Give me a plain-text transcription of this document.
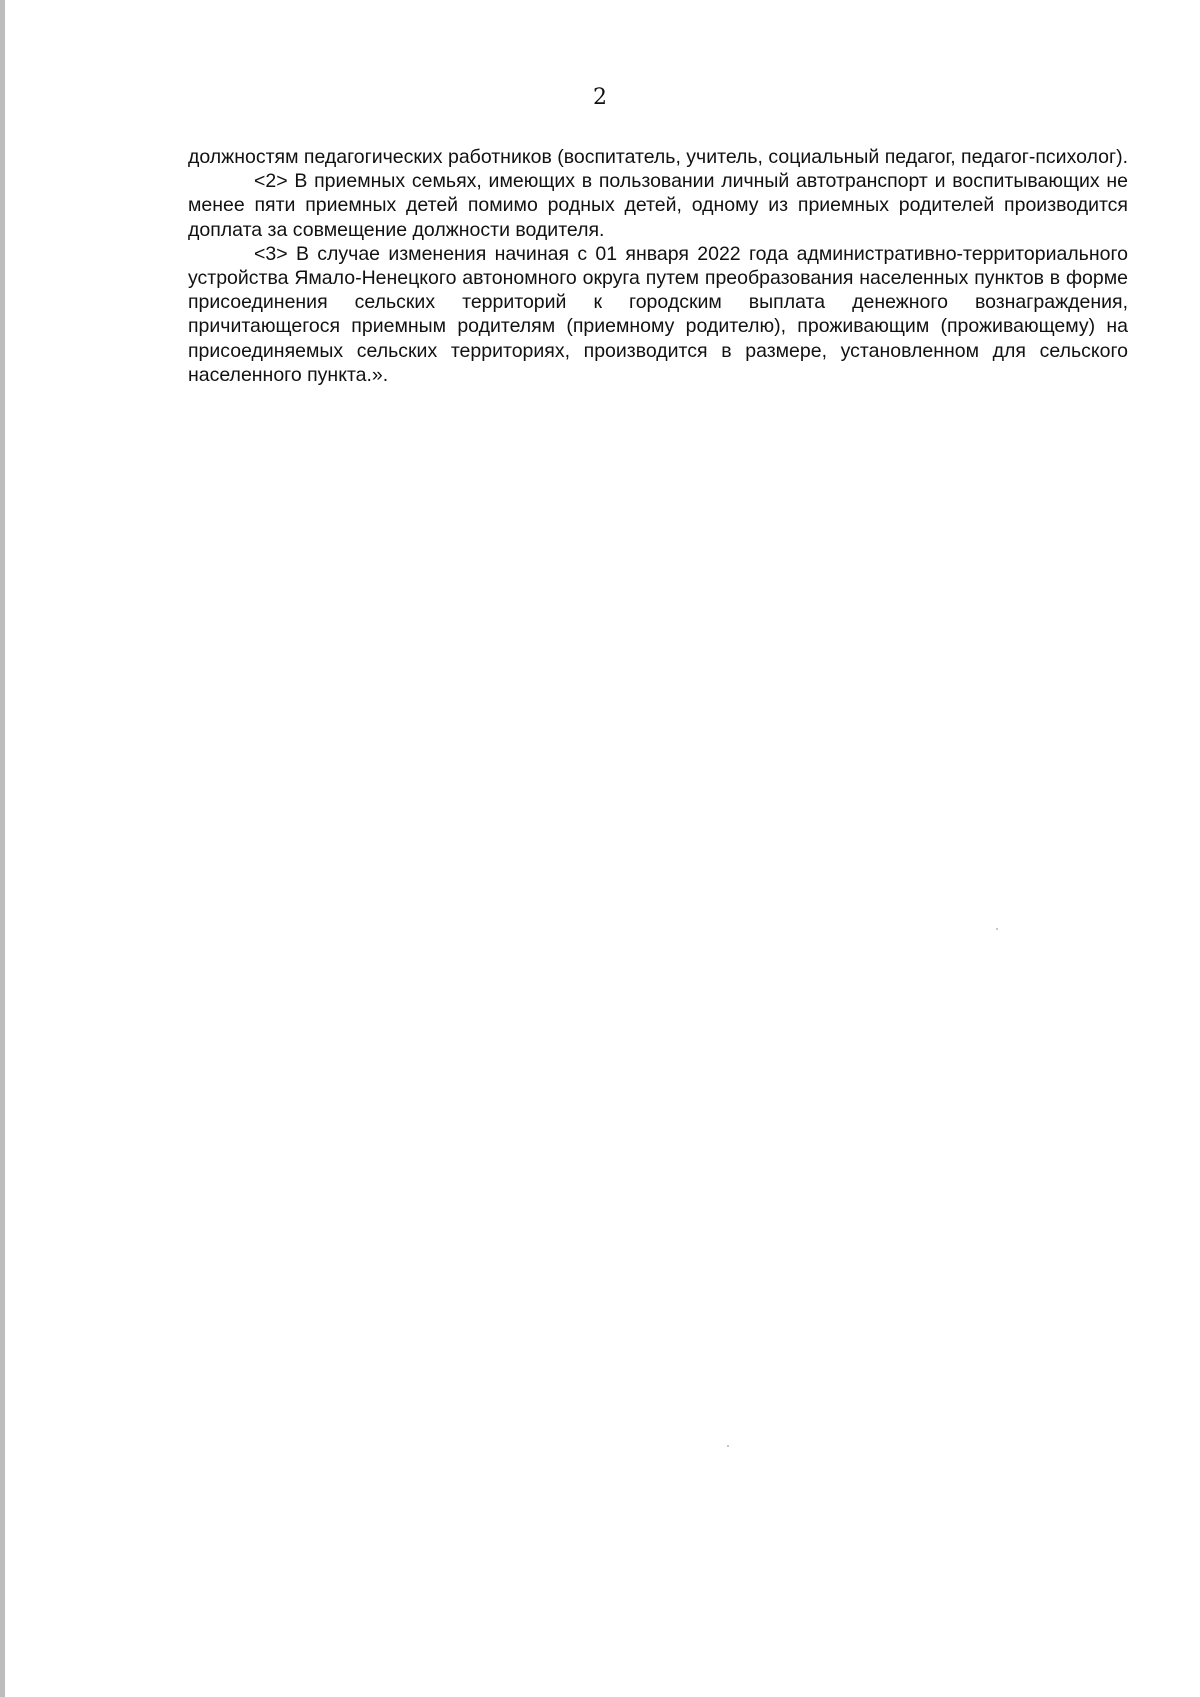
2

должностям педагогических работников (воспитатель, учитель, социальный педагог, педагог-психолог).

<2> В приемных семьях, имеющих в пользовании личный автотранспорт и воспитывающих не менее пяти приемных детей помимо родных детей, одному из приемных родителей производится доплата за совмещение должности водителя.

<3> В случае изменения начиная с 01 января 2022 года административно-территориального устройства Ямало-Ненецкого автономного округа путем преобразования населенных пунктов в форме присоединения сельских территорий к городским выплата денежного вознаграждения, причитающегося приемным родителям (приемному родителю), проживающим (проживающему) на присоединяемых сельских территориях, производится в размере, установленном для сельского населенного пункта.».
